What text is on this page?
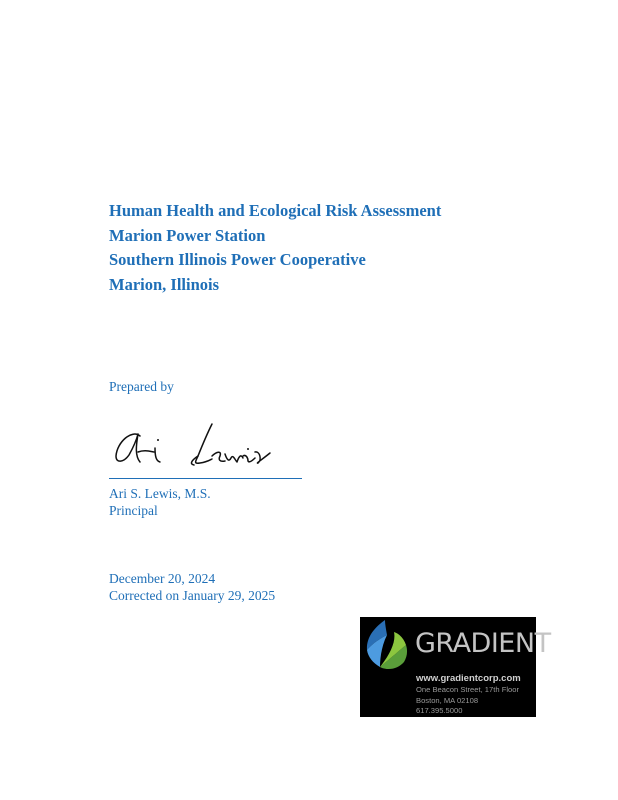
Human Health and Ecological Risk Assessment
Marion Power Station
Southern Illinois Power Cooperative
Marion, Illinois
Prepared by
Ari S. Lewis, M.S.
Principal
December 20, 2024
Corrected on January 29, 2025
GRADIENT
www.gradientcorp.com
One Beacon Street, 17th Floor
Boston, MA 02108
617.395.5000
